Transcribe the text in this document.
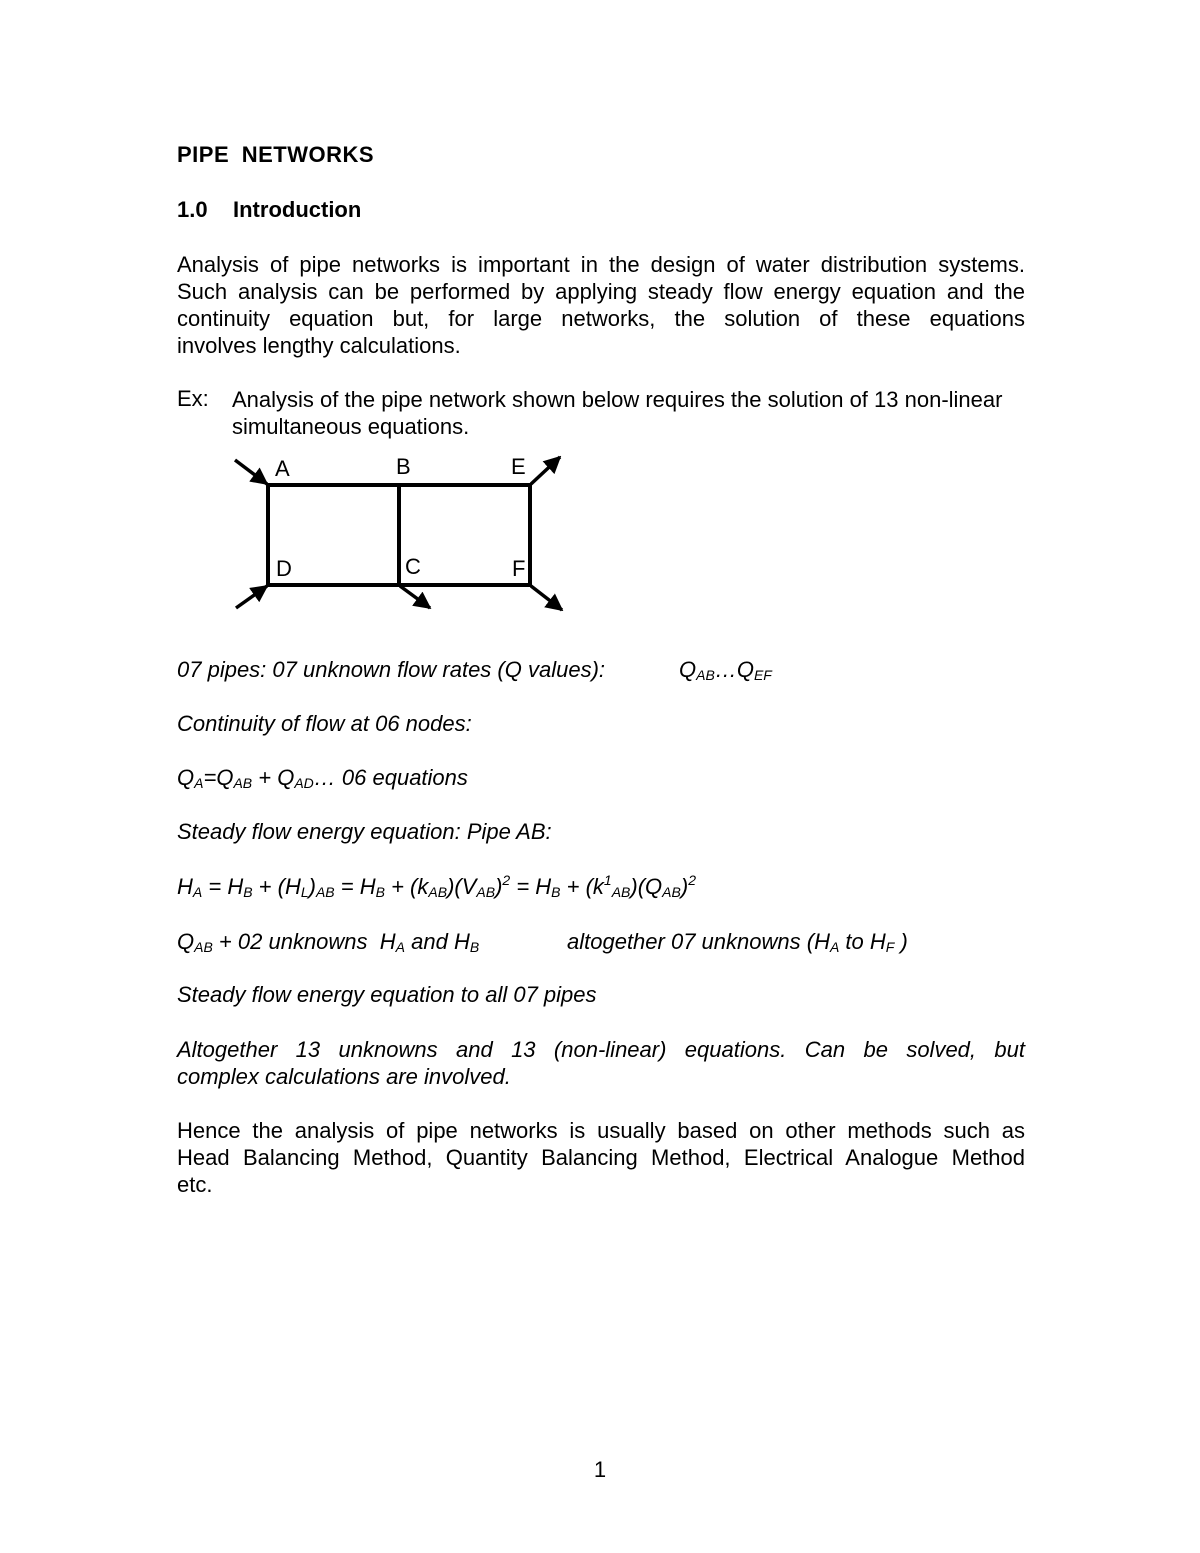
PIPE NETWORKS
1.0 Introduction
Analysis of pipe networks is important in the design of water distribution systems.
Such analysis can be performed by applying steady flow energy equation and the
continuity equation but, for large networks, the solution of these equations
involves lengthy calculations.
Ex: Analysis of the pipe network shown below requires the solution of 13 non-linear simultaneous equations.
A	B	E
D	C	F
07 pipes: 07 unknown flow rates (Q values):	$Q_{AB}\dots Q_{EF}$
Continuity of flow at 06 nodes:
$Q_A=Q_{AB}$ + $Q_{AD}\dots$ 06 equations
Steady flow energy equation: Pipe AB:
$H_A = H_B + (H_L)_{AB} = H_B + (k_{AB})(V_{AB})^2 = H_B + (k^1_{AB})(Q_{AB})^2$
$Q_{AB} + 02$ unknowns  $H_A$ and $H_B$	altogether 07 unknowns ($H_A$ to $H_F$ )
Steady flow energy equation to all 07 pipes
Altogether 13 unknowns and 13 (non-linear) equations. Can be solved, but
complex calculations are involved.
Hence the analysis of pipe networks is usually based on other methods such as
Head Balancing Method, Quantity Balancing Method, Electrical Analogue Method
etc.
1
